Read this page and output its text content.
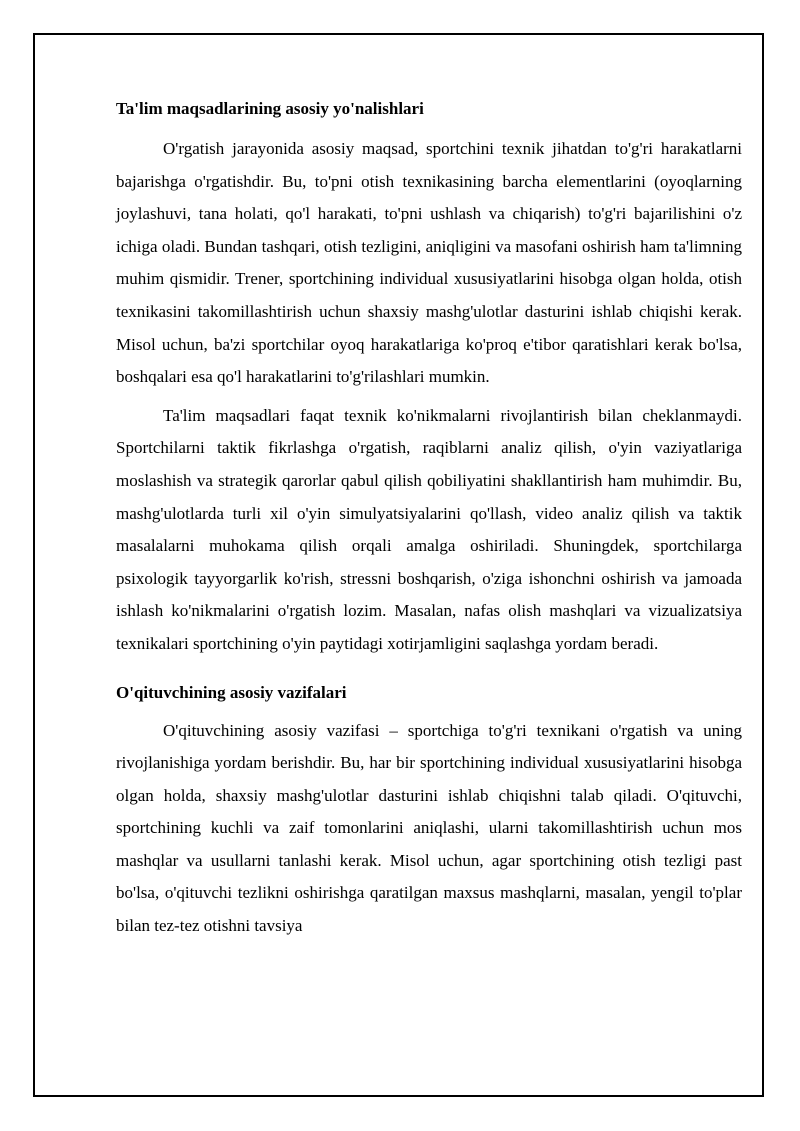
Ta'lim maqsadlarining asosiy yo'nalishlari

O'rgatish jarayonida asosiy maqsad, sportchini texnik jihatdan to'g'ri harakatlarni bajarishga o'rgatishdir. Bu, to'pni otish texnikasining barcha elementlarini (oyoqlarning joylashuvi, tana holati, qo'l harakati, to'pni ushlash va chiqarish) to'g'ri bajarilishini o'z ichiga oladi. Bundan tashqari, otish tezligini, aniqligini va masofani oshirish ham ta'limning muhim qismidir. Trener, sportchining individual xususiyatlarini hisobga olgan holda, otish texnikasini takomillashtirish uchun shaxsiy mashg'ulotlar dasturini ishlab chiqishi kerak. Misol uchun, ba'zi sportchilar oyoq harakatlariga ko'proq e'tibor qaratishlari kerak bo'lsa, boshqalari esa qo'l harakatlarini to'g'rilashlari mumkin.

Ta'lim maqsadlari faqat texnik ko'nikmalarni rivojlantirish bilan cheklanmaydi. Sportchilarni taktik fikrlashga o'rgatish, raqiblarni analiz qilish, o'yin vaziyatlariga moslashish va strategik qarorlar qabul qilish qobiliyatini shakllantirish ham muhimdir. Bu, mashg'ulotlarda turli xil o'yin simulyatsiyalarini qo'llash, video analiz qilish va taktik masalalarni muhokama qilish orqali amalga oshiriladi. Shuningdek, sportchilarga psixologik tayyorgarlik ko'rish, stressni boshqarish, o'ziga ishonchni oshirish va jamoada ishlash ko'nikmalarini o'rgatish lozim. Masalan, nafas olish mashqlari va vizualizatsiya texnikalari sportchining o'yin paytidagi xotirjamligini saqlashga yordam beradi.

O'qituvchining asosiy vazifalari

O'qituvchining asosiy vazifasi – sportchiga to'g'ri texnikani o'rgatish va uning rivojlanishiga yordam berishdir. Bu, har bir sportchining individual xususiyatlarini hisobga olgan holda, shaxsiy mashg'ulotlar dasturini ishlab chiqishni talab qiladi. O'qituvchi, sportchining kuchli va zaif tomonlarini aniqlashi, ularni takomillashtirish uchun mos mashqlar va usullarni tanlashi kerak. Misol uchun, agar sportchining otish tezligi past bo'lsa, o'qituvchi tezlikni oshirishga qaratilgan maxsus mashqlarni, masalan, yengil to'plar bilan tez-tez otishni tavsiya
